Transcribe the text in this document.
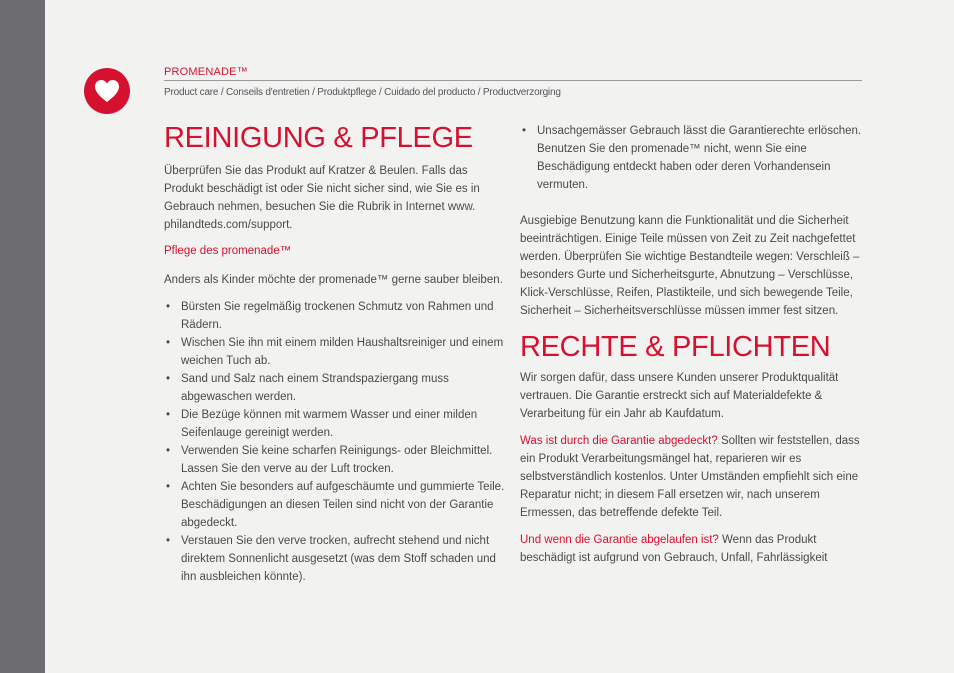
PROMENADE™
Product care / Conseils d'entretien / Produktpflege / Cuidado del producto / Productverzorging
REINIGUNG & PFLEGE

Überprüfen Sie das Produkt auf Kratzer & Beulen. Falls das Produkt beschädigt ist oder Sie nicht sicher sind, wie Sie es in Gebrauch nehmen, besuchen Sie die Rubrik in Internet www. philandteds.com/support.

Pflege des promenade™

Anders als Kinder möchte der promenade™ gerne sauber bleiben.

• Bürsten Sie regelmäßig trockenen Schmutz von Rahmen und Rädern.
• Wischen Sie ihn mit einem milden Haushaltsreiniger und einem weichen Tuch ab.
• Sand und Salz nach einem Strandspaziergang muss abgewaschen werden.
• Die Bezüge können mit warmem Wasser und einer milden Seifenlauge gereinigt werden.
• Verwenden Sie keine scharfen Reinigungs- oder Bleichmittel. Lassen Sie den verve au der Luft trocken.
• Achten Sie besonders auf aufgeschäumte und gummierte Teile. Beschädigungen an diesen Teilen sind nicht von der Garantie abgedeckt.
• Verstauen Sie den verve trocken, aufrecht stehend und nicht direktem Sonnenlicht ausgesetzt (was dem Stoff schaden und ihn ausbleichen könnte).
• Unsachgemässer Gebrauch lässt die Garantierechte erlöschen. Benutzen Sie den promenade™ nicht, wenn Sie eine Beschädigung entdeckt haben oder deren Vorhandensein vermuten.

Ausgiebige Benutzung kann die Funktionalität und die Sicherheit beeinträchtigen. Einige Teile müssen von Zeit zu Zeit nachgefettet werden. Überprüfen Sie wichtige Bestandteile wegen: Verschleiß – besonders Gurte und Sicherheitsgurte, Abnutzung – Verschlüsse, Klick-Verschlüsse, Reifen, Plastikteile, und sich bewegende Teile, Sicherheit – Sicherheitsverschlüsse müssen immer fest sitzen.

RECHTE & PFLICHTEN

Wir sorgen dafür, dass unsere Kunden unserer Produktqualität vertrauen. Die Garantie erstreckt sich auf Materialdefekte & Verarbeitung für ein Jahr ab Kaufdatum.

Was ist durch die Garantie abgedeckt? Sollten wir feststellen, dass ein Produkt Verarbeitungsmängel hat, reparieren wir es selbstverständlich kostenlos. Unter Umständen empfiehlt sich eine Reparatur nicht; in diesem Fall ersetzen wir, nach unserem Ermessen, das betreffende defekte Teil.

Und wenn die Garantie abgelaufen ist? Wenn das Produkt beschädigt ist aufgrund von Gebrauch, Unfall, Fahrlässigkeit
